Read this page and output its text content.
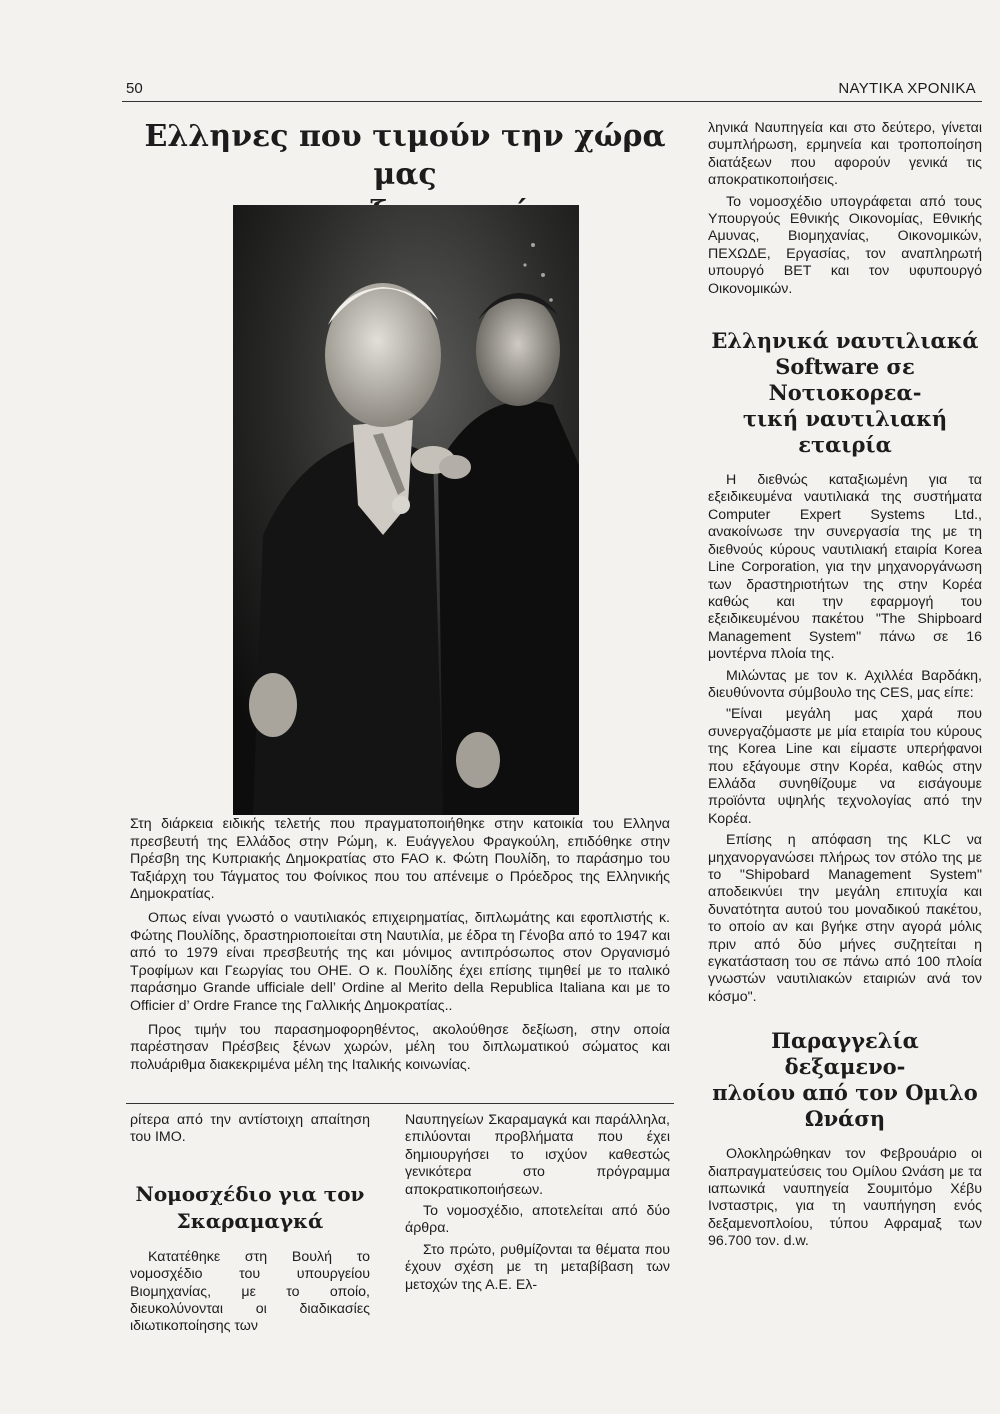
50	ΝΑΥΤΙΚΑ ΧΡΟΝΙΚΑ
Ελληνες που τιμούν την χώρα μας

Στη διάρκεια ειδικής τελετής που πραγματοποιήθηκε στην κατοικία του Ελληνα πρεσβευτή της Ελλάδος στην Ρώμη, κ. Ευάγγελου Φραγκούλη, επιδόθηκε στην Πρέσβη της Κυπριακής Δημοκρατίας στο FAO κ. Φώτη Πουλίδη, το παράσημο του Ταξιάρχη του Τάγματος του Φοίνικος που του απένειμε ο Πρόεδρος της Ελληνικής Δημοκρατίας.

Οπως είναι γνωστό ο ναυτιλιακός επιχειρηματίας, διπλωμάτης και εφοπλιστής κ. Φώτης Πουλίδης, δραστηριοποιείται στη Ναυτιλία, με έδρα τη Γένοβα από το 1947 και από το 1979 είναι πρεσβευτής της και μόνιμος αντιπρόσωπος στον Οργανισμό Τροφίμων και Γεωργίας του ΟΗΕ. Ο κ. Πουλίδης έχει επίσης τιμηθεί με το ιταλικό παράσημο Grande ufficiale dell’ Ordine al Merito della Republica Italiana και με το Officier d’ Ordre France της Γαλλικής Δημοκρατίας..

Προς τιμήν του παρασημοφορηθέντος, ακολούθησε δεξίωση, στην οποία παρέστησαν Πρέσβεις ξένων χωρών, μέλη του διπλωματικού σώματος και πολυάριθμα διακεκριμένα μέλη της Ιταλικής κοινωνίας.

ρίτερα από την αντίστοιχη απαίτηση του ΙΜΟ.

Νομοσχέδιο για τον
Σκαραμαγκά

Κατατέθηκε στη Βουλή το νομοσχέδιο του υπουργείου Βιομηχανίας, με το οποίο, διευκολύνονται οι διαδικασίες ιδιωτικοποίησης των

Ναυπηγείων Σκαραμαγκά και παράλληλα, επιλύονται προβλήματα που έχει δημιουργήσει το ισχύον καθεστώς γενικότερα στο πρόγραμμα αποκρατικοποιήσεων.

Το νομοσχέδιο, αποτελείται από δύο άρθρα.

Στο πρώτο, ρυθμίζονται τα θέματα που έχουν σχέση με τη μεταβίβαση των μετοχών της Α.Ε. Ελ-

ληνικά Ναυπηγεία και στο δεύτερο, γίνεται συμπλήρωση, ερμηνεία και τροποποίηση διατάξεων που αφορούν γενικά τις αποκρατικοποιήσεις.

Το νομοσχέδιο υπογράφεται από τους Υπουργούς Εθνικής Οικονομίας, Εθνικής Αμυνας, Βιομηχανίας, Οικονομικών, ΠΕΧΩΔΕ, Εργασίας, τον αναπληρωτή υπουργό ΒΕΤ και τον υφυπουργό Οικονομικών.

Ελληνικά ναυτιλιακά
Software σε Νοτιοκορεα-
τική ναυτιλιακή εταιρία

Η διεθνώς καταξιωμένη για τα εξειδικευμένα ναυτιλιακά της συστήματα Computer Expert Systems Ltd., ανακοίνωσε την συνεργασία της με τη διεθνούς κύρους ναυτιλιακή εταιρία Korea Line Corporation, για την μηχανοργάνωση των δραστηριοτήτων της στην Κορέα καθώς και την εφαρμογή του εξειδικευμένου πακέτου "The Shipboard Management System" πάνω σε 16 μοντέρνα πλοία της.

Μιλώντας με τον κ. Αχιλλέα Βαρδάκη, διευθύνοντα σύμβουλο της CES, μας είπε:

"Είναι μεγάλη μας χαρά που συνεργαζόμαστε με μία εταιρία του κύρους της Korea Line και είμαστε υπερήφανοι που εξάγουμε στην Κορέα, καθώς στην Ελλάδα συνηθίζουμε να εισάγουμε προϊόντα υψηλής τεχνολογίας από την Κορέα.

Επίσης η απόφαση της KLC να μηχανοργανώσει πλήρως τον στόλο της με το "Shipobard Management System" αποδεικνύει την μεγάλη επιτυχία και δυνατότητα αυτού του μοναδικού πακέτου, το οποίο αν και βγήκε στην αγορά μόλις πριν από δύο μήνες συζητείται η εγκατάσταση του σε πάνω από 100 πλοία γνωστών ναυτιλιακών εταιριών ανά τον κόσμο".

Παραγγελία δεξαμενο-
πλοίου από τον Ομιλο
Ωνάση

Ολοκληρώθηκαν τον Φεβρουάριο οι διαπραγματεύσεις του Ομίλου Ωνάση με τα ιαπωνικά ναυπηγεία Σουμιτόμο Χέβυ Ινσταστρις, για τη ναυπήγηση ενός δεξαμενοπλοίου, τύπου Αφραμαξ των 96.700 τον. d.w.
